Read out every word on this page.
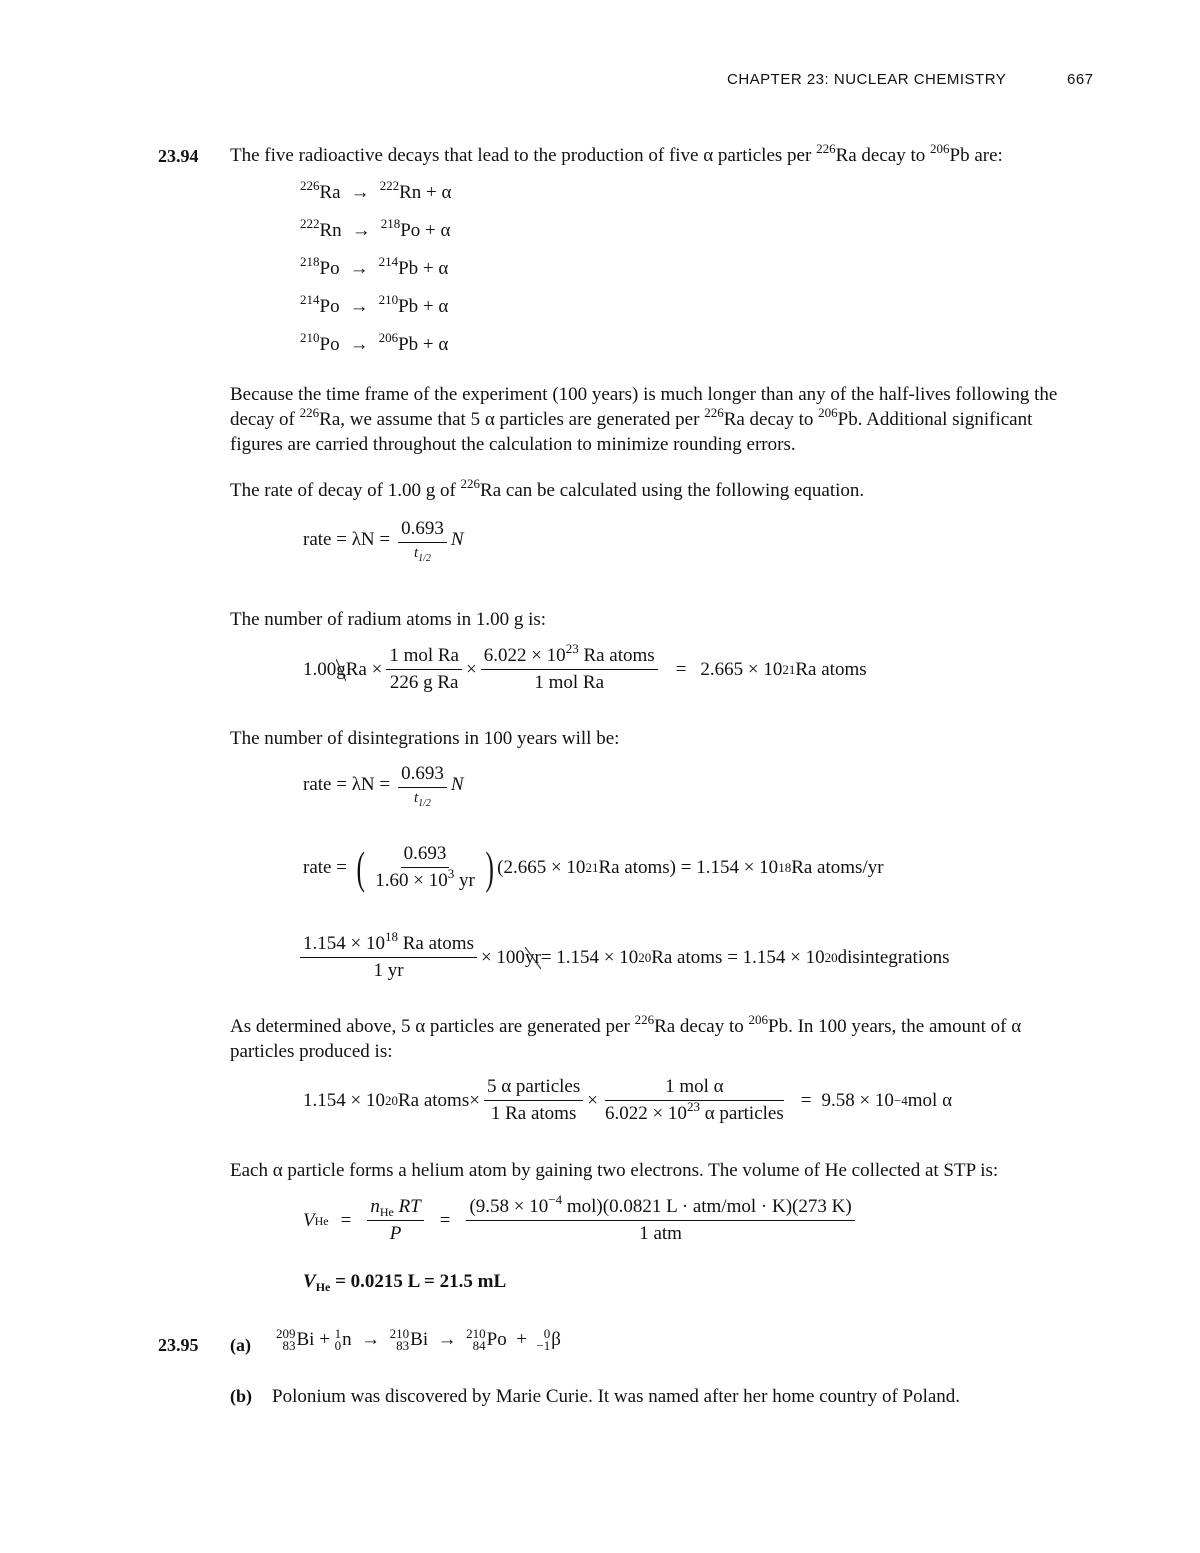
CHAPTER 23: NUCLEAR CHEMISTRY	667
23.94 The five radioactive decays that lead to the production of five α particles per $^{226}$Ra decay to $^{206}$Pb are:
$^{226}$Ra → $^{222}$Rn + α
$^{222}$Rn → $^{218}$Po + α
$^{218}$Po → $^{214}$Pb + α
$^{214}$Po → $^{210}$Pb + α
$^{210}$Po → $^{206}$Pb + α
Because the time frame of the experiment (100 years) is much longer than any of the half-lives following the
decay of $^{226}$Ra, we assume that 5 α particles are generated per $^{226}$Ra decay to $^{206}$Pb. Additional significant
figures are carried throughout the calculation to minimize rounding errors.
The rate of decay of 1.00 g of $^{226}$Ra can be calculated using the following equation.
rate = $\lambda N = \frac{0.693}{t_{1/2}}$ N
The number of radium atoms in 1.00 g is:
1.00 g $Ra \times \frac{\text{1 mol Ra}}{\text{226 g Ra}} \times \frac{6.022 \times 10^{23} Ra atoms}{\text{1 mol Ra}} = 2.665 \times 10$ 21 Ra atoms
The number of disintegrations in 100 years will be:
rate = $\lambda N = \frac{0.693}{t_{1/2}}$ N
rate = ( $\frac{0.693}{1.60 \times 10^3 yr}$ ) (2.665 × 10 21 Ra atoms) = 1.154 × 10 18 Ra atoms/yr
$\frac{1.154 \times 10^{18} Ra atoms}{1 yr} \times 100$ yr = 1.154 × 10 20 Ra atoms = 1.154 × 10 20 disintegrations
As determined above, 5 α particles are generated per $^{226}$Ra decay to $^{206}$Pb. In 100 years, the amount of α
particles produced is:
1.154 × 10 20 Ra atoms× $\frac{\text{5 α particles}}{\text{1 Ra atoms}} \times \frac{\text{1 mol α}}{6.022 \times 10^{23} \alpha particles} = 9.58 \times 10 -4$ mol α
Each α particle forms a helium atom by gaining two electrons. The volume of He collected at STP is:
V $He = \frac{n_{He} RT}{P} = \frac{(9.58 \times 10^{-4} mol)(0.0821 L \cdot atm/mol \cdot K)(273 K)}{\text{1 atm}}$
$V_{He} = 0.0215$ L = 21.5 mL
23.95 (a)
209
83 Bi + 1
0 n → 210
83 Bi → 210
84 Po + 0
−1 β
(b) Polonium was discovered by Marie Curie. It was named after her home country of Poland.
